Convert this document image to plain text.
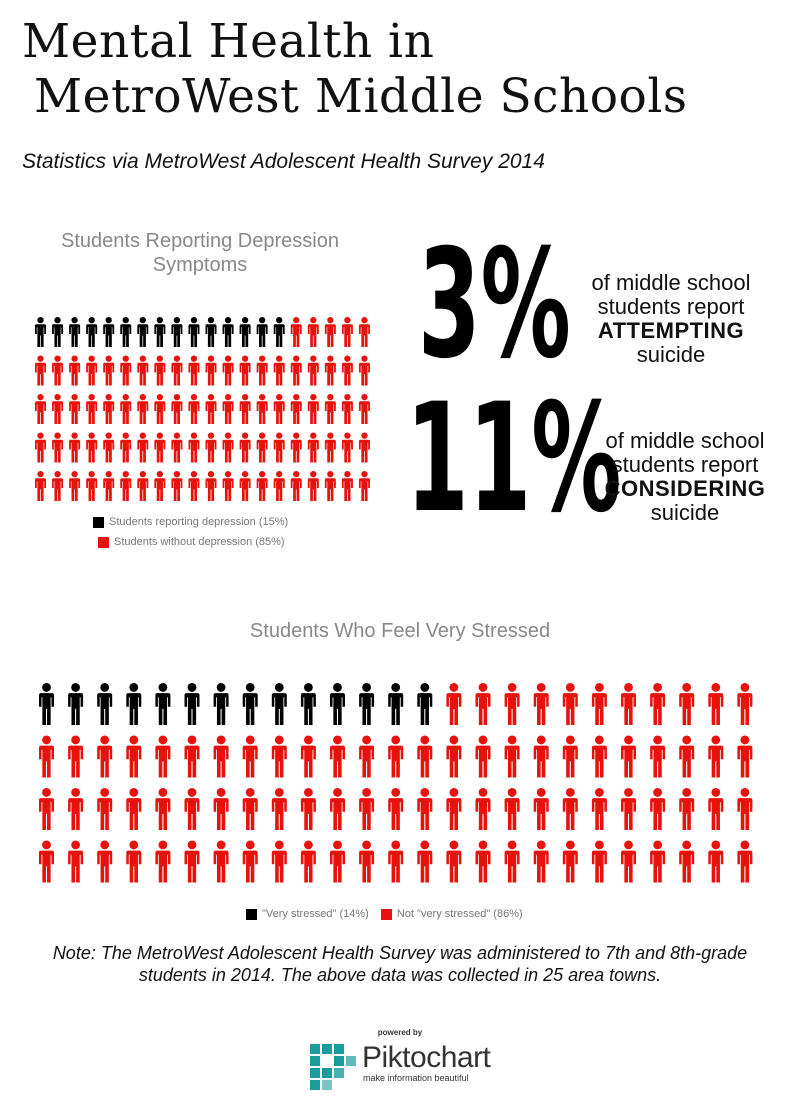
Mental Health in
MetroWest Middle Schools
Statistics via MetroWest Adolescent Health Survey 2014
Students Reporting Depression Symptoms
Students reporting depression (15%)
Students without depression (85%)
3% of middle school
students report
ATTEMPTING
suicide
11%
of middle school
students report
CONSIDERING
suicide
Students Who Feel Very Stressed
"Very stressed" (14%)	Not "very stressed" (86%)
Note: The MetroWest Adolescent Health Survey was administered to 7th and 8th-grade students in 2014. The above data was collected in 25 area towns.
powered by
Piktochart
make information beautiful
